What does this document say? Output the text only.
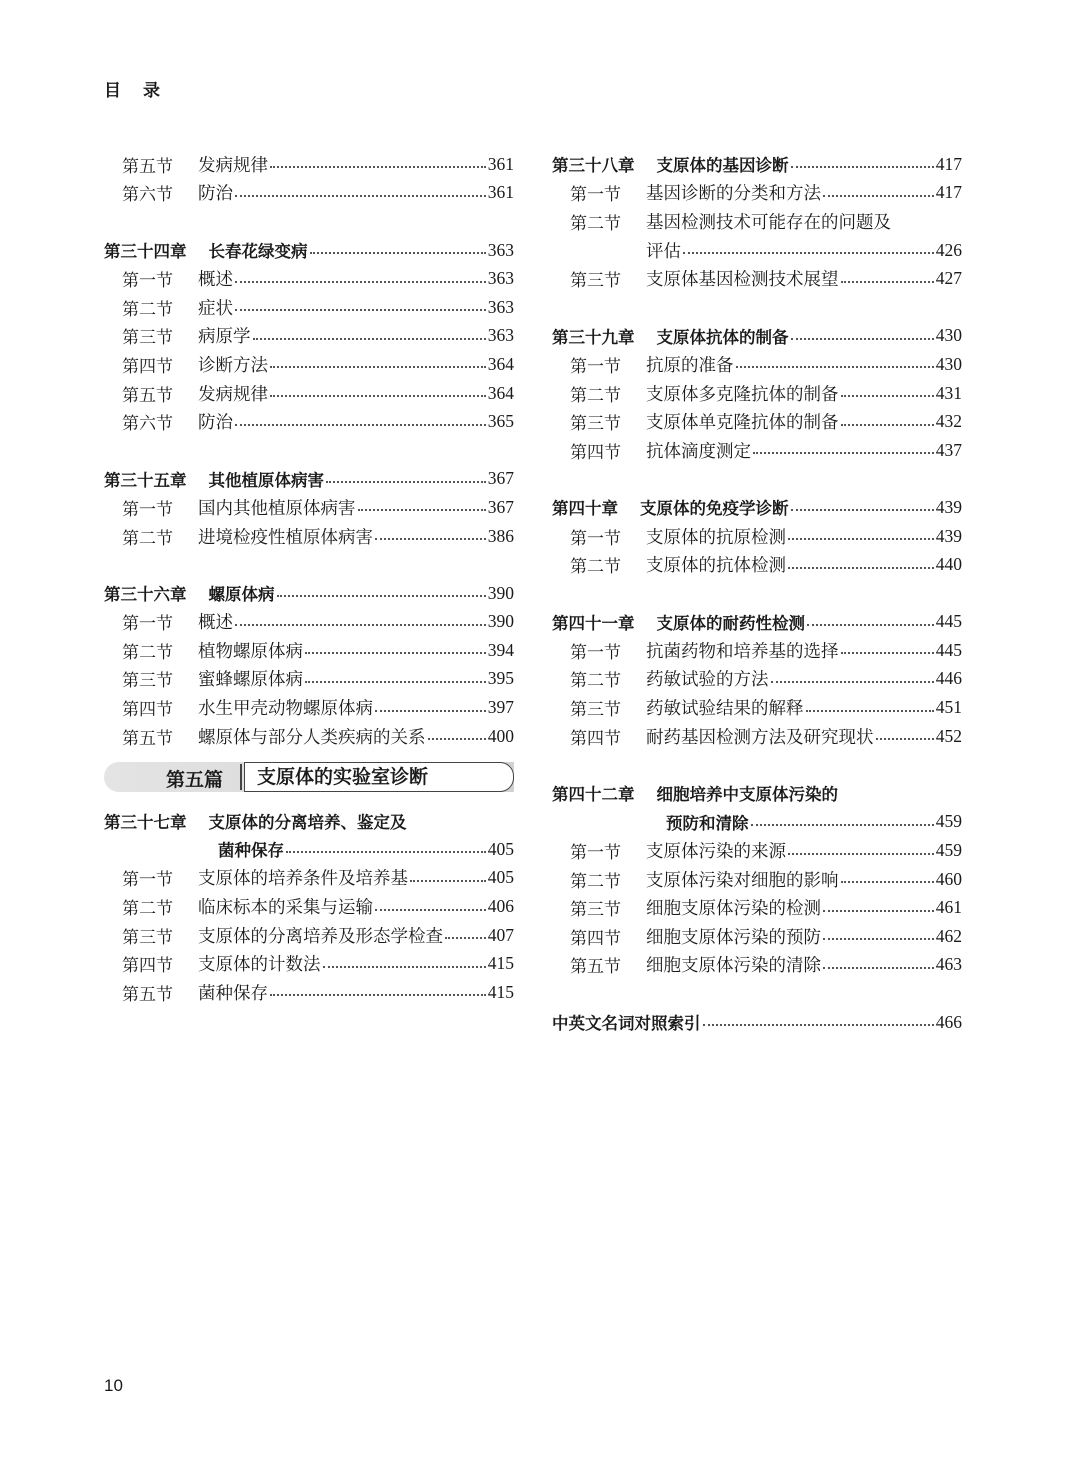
目录
第五节	发病规律	361
第六节	防治	361
第三十四章 长春花绿变病	363
第一节	概述	363
第二节	症状	363
第三节	病原学	363
第四节	诊断方法	364
第五节	发病规律	364
第六节	防治	365
第三十五章 其他植原体病害	367
第一节	国内其他植原体病害	367
第二节	进境检疫性植原体病害	386
第三十六章 螺原体病	390
第一节	概述	390
第二节	植物螺原体病	394
第三节	蜜蜂螺原体病	395
第四节	水生甲壳动物螺原体病	397
第五节	螺原体与部分人类疾病的关系	400
第五篇	支原体的实验室诊断
第三十七章 支原体的分离培养、鉴定及
菌种保存	405
第一节	支原体的培养条件及培养基	405
第二节	临床标本的采集与运输	406
第三节	支原体的分离培养及形态学检查	407
第四节	支原体的计数法	415
第五节	菌种保存	415
第三十八章 支原体的基因诊断	417
第一节	基因诊断的分类和方法	417
第二节	基因检测技术可能存在的问题及
评估	426
第三节	支原体基因检测技术展望	427
第三十九章 支原体抗体的制备	430
第一节	抗原的准备	430
第二节	支原体多克隆抗体的制备	431
第三节	支原体单克隆抗体的制备	432
第四节	抗体滴度测定	437
第四十章 支原体的免疫学诊断	439
第一节	支原体的抗原检测	439
第二节	支原体的抗体检测	440
第四十一章 支原体的耐药性检测	445
第一节	抗菌药物和培养基的选择	445
第二节	药敏试验的方法	446
第三节	药敏试验结果的解释	451
第四节	耐药基因检测方法及研究现状	452
第四十二章 细胞培养中支原体污染的
预防和清除	459
第一节	支原体污染的来源	459
第二节	支原体污染对细胞的影响	460
第三节	细胞支原体污染的检测	461
第四节	细胞支原体污染的预防	462
第五节	细胞支原体污染的清除	463
中英文名词对照索引	466
10
